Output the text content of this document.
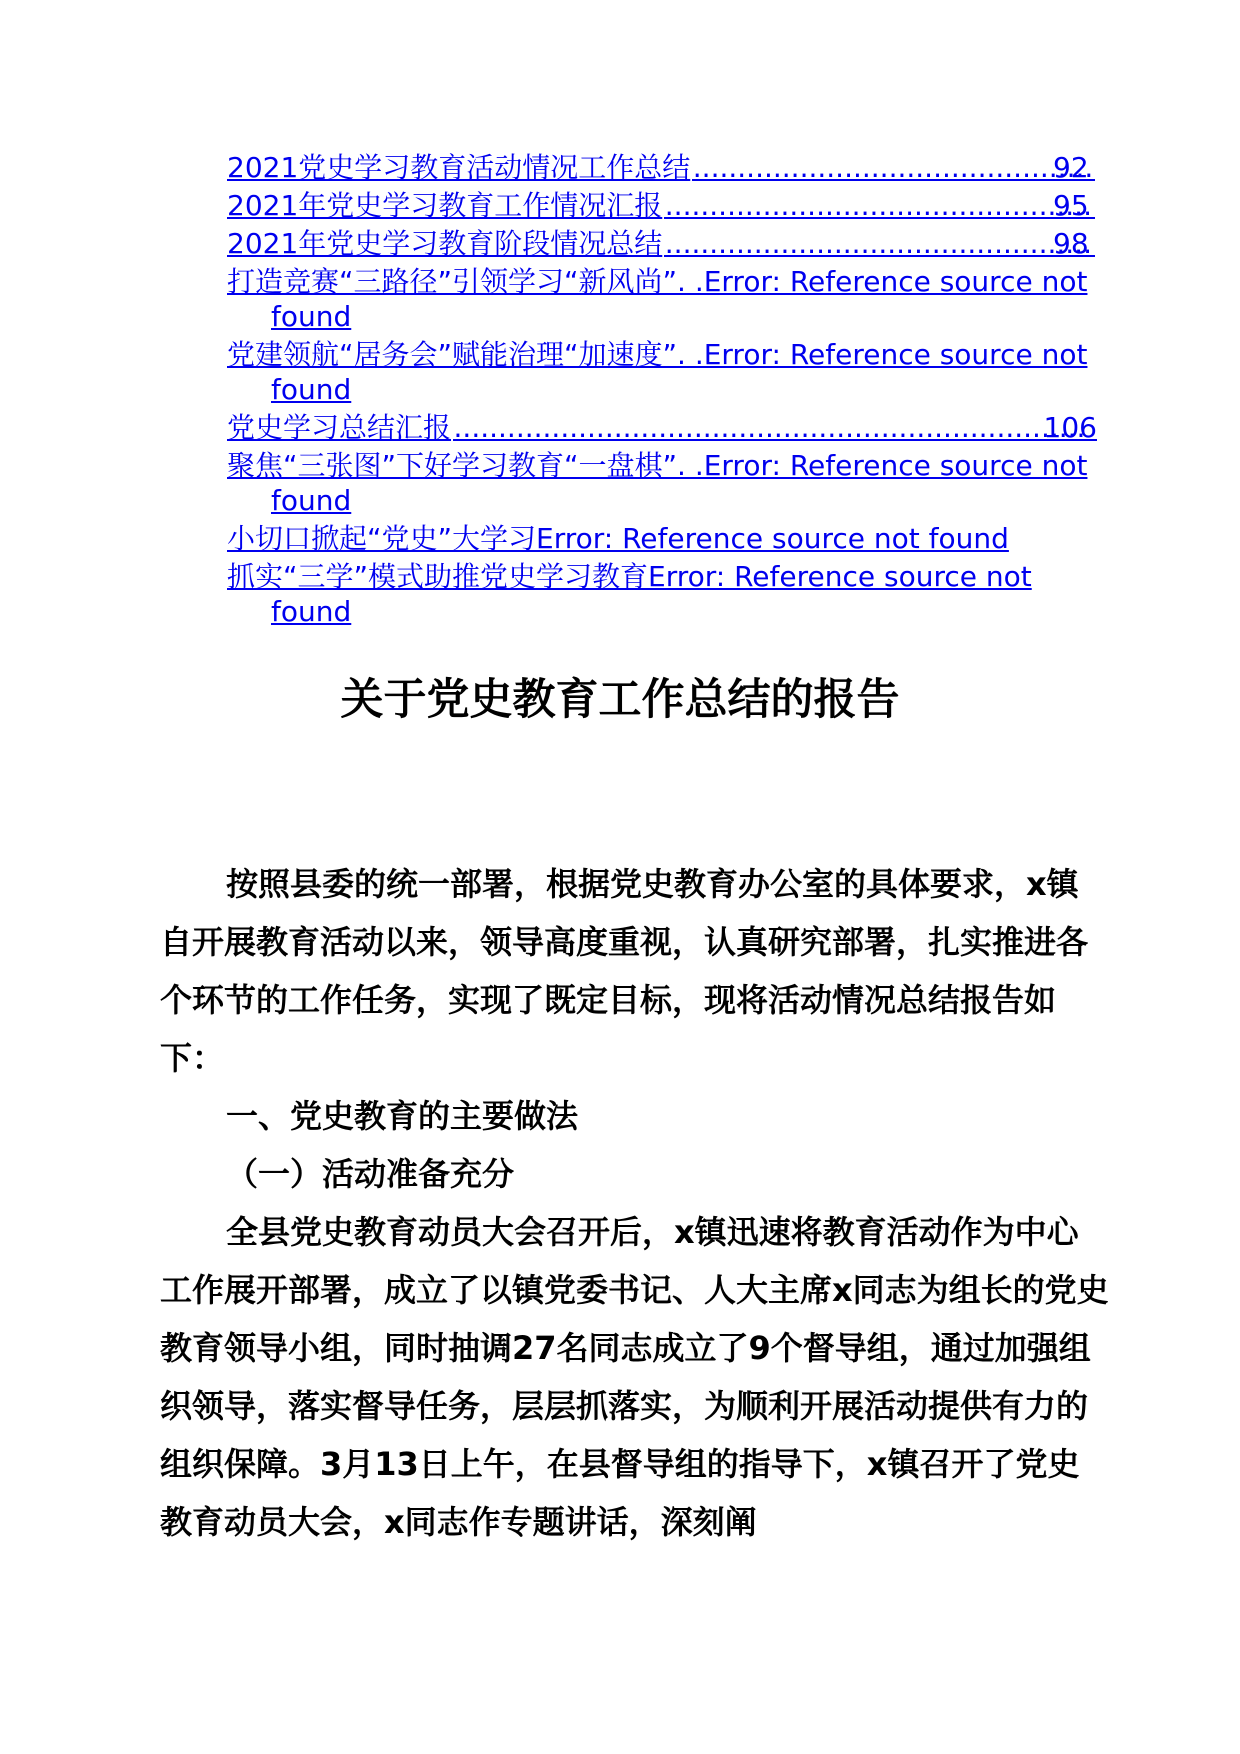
2021党史学习教育活动情况工作总结 .....	92
2021年党史学习教育工作情况汇报 .....	95
2021年党史学习教育阶段情况总结 .....	98
打造竞赛“三路径”引领学习“新风尚”. .Error: Reference source not found
党建领航“居务会”赋能治理“加速度”. .Error: Reference source not found
党史学习总结汇报 .....	106
聚焦“三张图”下好学习教育“一盘棋”. .Error: Reference source not found
小切口掀起“党史”大学习Error: Reference source not found
抓实“三学”模式助推党史学习教育Error: Reference source not found
关于党史教育工作总结的报告

按照县委的统一部署，根据党史教育办公室的具体要求，x镇自开展教育活动以来，领导高度重视，认真研究部署，扎实推进各个环节的工作任务，实现了既定目标，现将活动情况总结报告如下：

一、党史教育的主要做法

（一）活动准备充分

全县党史教育动员大会召开后，x镇迅速将教育活动作为中心工作展开部署，成立了以镇党委书记、人大主席x同志为组长的党史教育领导小组，同时抽调27名同志成立了9个督导组，通过加强组织领导，落实督导任务，层层抓落实，为顺利开展活动提供有力的组织保障。3月13日上午，在县督导组的指导下，x镇召开了党史教育动员大会，x同志作专题讲话，深刻阐
